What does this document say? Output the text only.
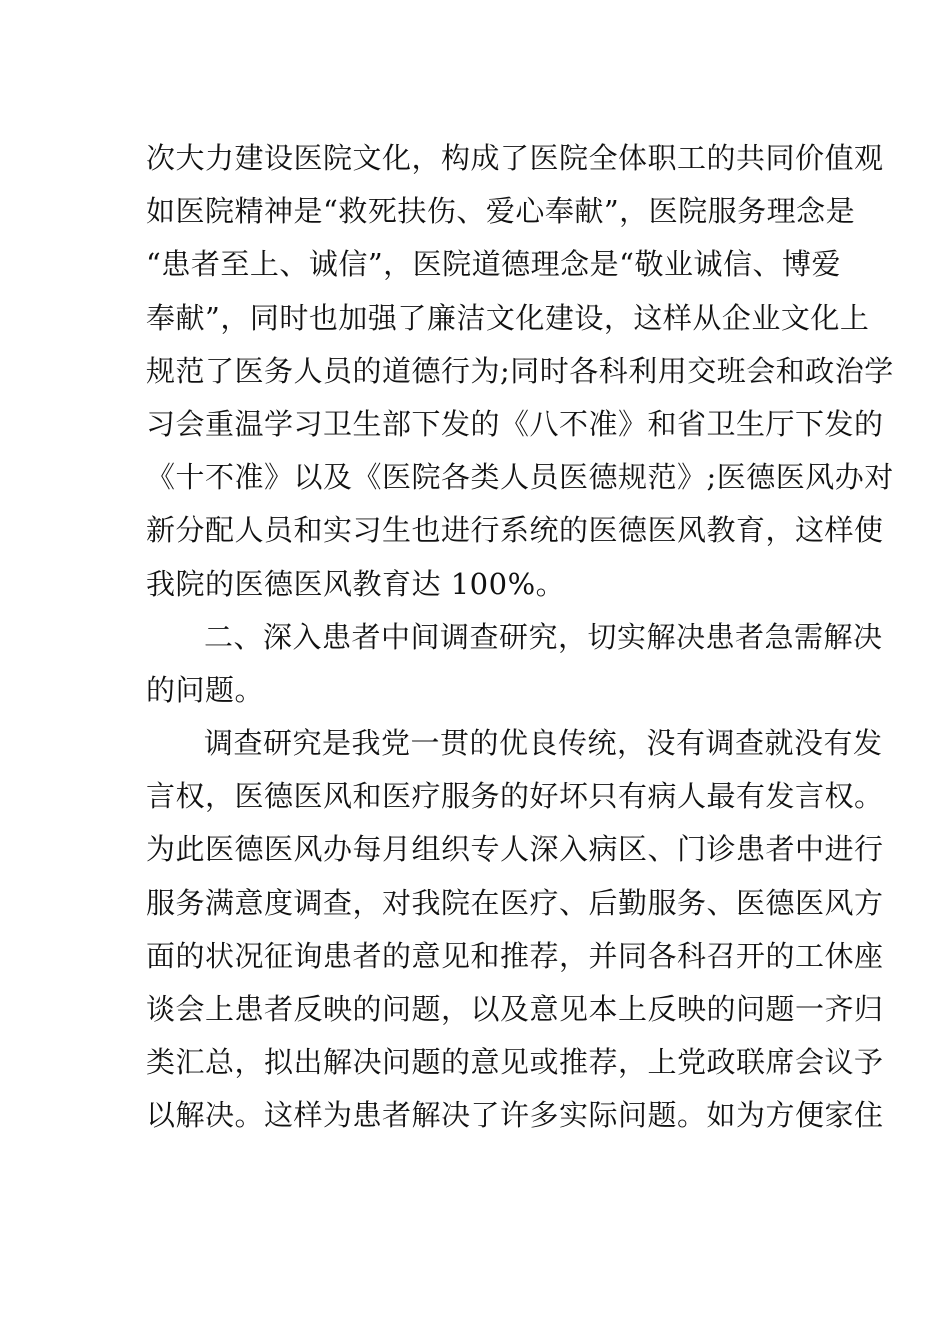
次大力建设医院文化，构成了医院全体职工的共同价值观
如医院精神是“救死扶伤、爱心奉献”，医院服务理念是
“患者至上、诚信”，医院道德理念是“敬业诚信、博爱
奉献”，同时也加强了廉洁文化建设，这样从企业文化上
规范了医务人员的道德行为;同时各科利用交班会和政治学
习会重温学习卫生部下发的《八不准》和省卫生厅下发的
《十不准》以及《医院各类人员医德规范》;医德医风办对
新分配人员和实习生也进行系统的医德医风教育，这样使
我院的医德医风教育达 100%。
二、深入患者中间调查研究，切实解决患者急需解决
的问题。
调查研究是我党一贯的优良传统，没有调查就没有发
言权，医德医风和医疗服务的好坏只有病人最有发言权。
为此医德医风办每月组织专人深入病区、门诊患者中进行
服务满意度调查，对我院在医疗、后勤服务、医德医风方
面的状况征询患者的意见和推荐，并同各科召开的工休座
谈会上患者反映的问题，以及意见本上反映的问题一齐归
类汇总，拟出解决问题的意见或推荐，上党政联席会议予
以解决。这样为患者解决了许多实际问题。如为方便家住
